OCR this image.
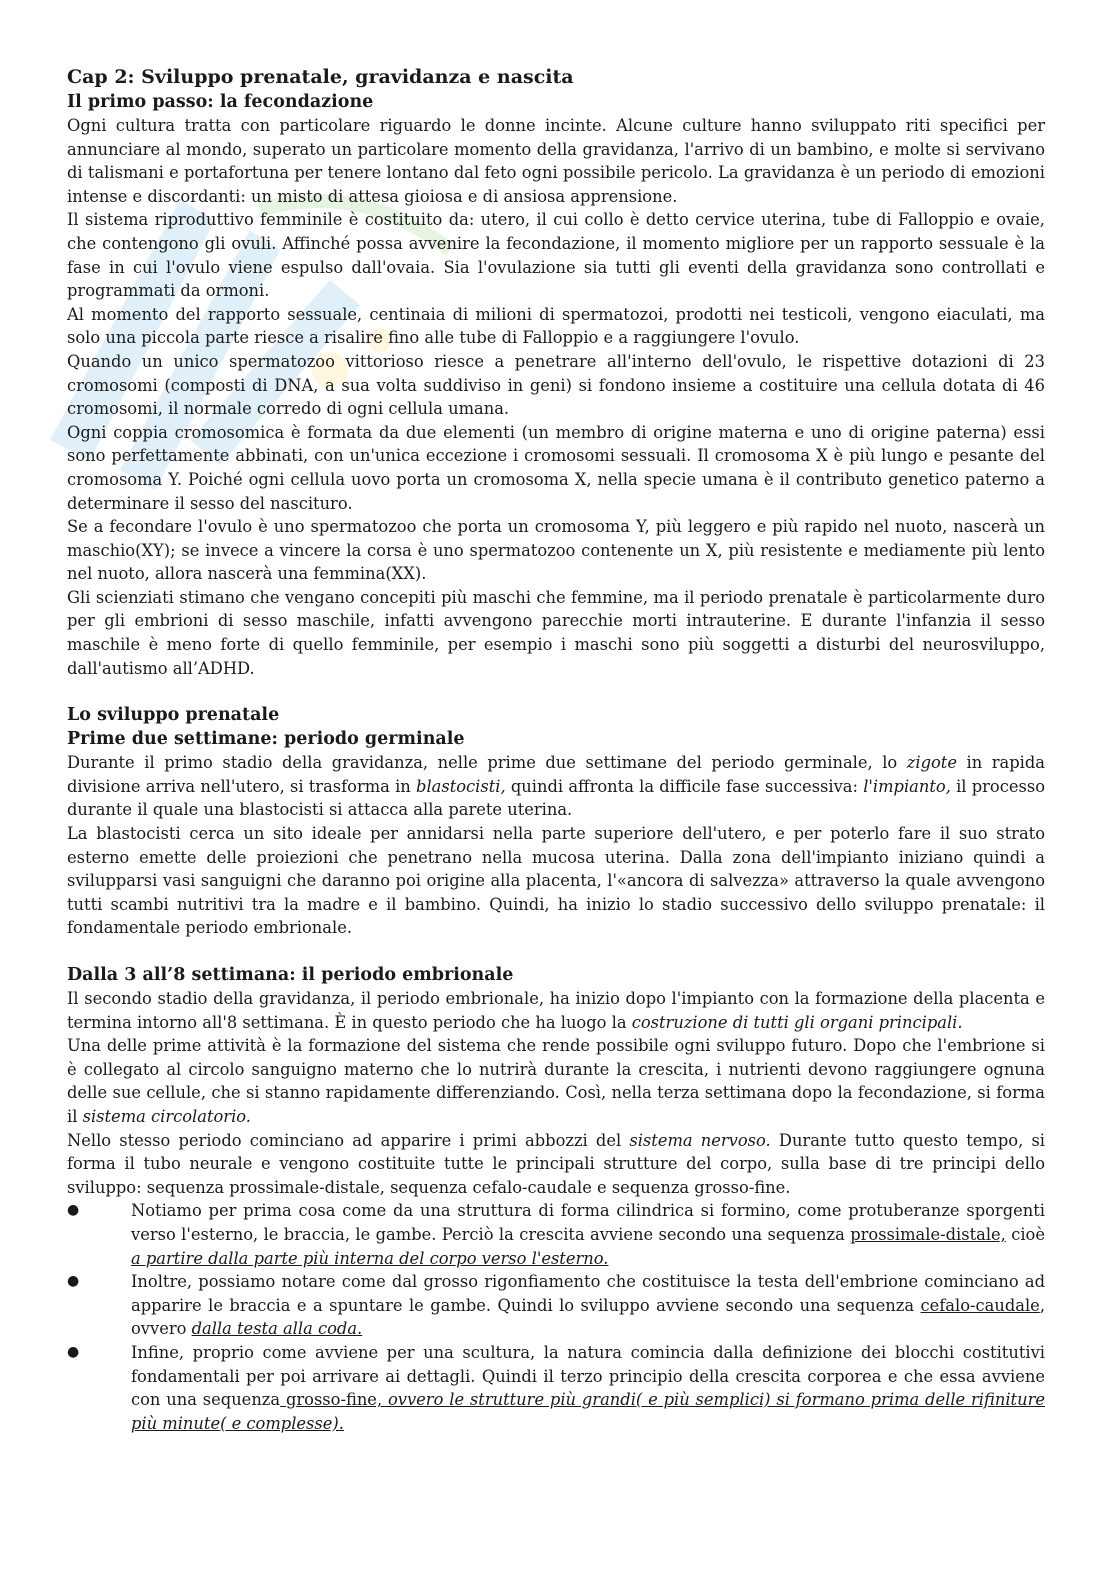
Cap 2: Sviluppo prenatale, gravidanza e nascita
Il primo passo: la fecondazione

Ogni cultura tratta con particolare riguardo le donne incinte. Alcune culture hanno sviluppato riti specifici per annunciare al mondo, superato un particolare momento della gravidanza, l'arrivo di un bambino, e molte si servivano di talismani e portafortuna per tenere lontano dal feto ogni possibile pericolo. La gravidanza è un periodo di emozioni intense e discordanti: un misto di attesa gioiosa e di ansiosa apprensione.

Il sistema riproduttivo femminile è costituito da: utero, il cui collo è detto cervice uterina, tube di Falloppio e ovaie, che contengono gli ovuli. Affinché possa avvenire la fecondazione, il momento migliore per un rapporto sessuale è la fase in cui l'ovulo viene espulso dall'ovaia. Sia l'ovulazione sia tutti gli eventi della gravidanza sono controllati e programmati da ormoni.

Al momento del rapporto sessuale, centinaia di milioni di spermatozoi, prodotti nei testicoli, vengono eiaculati, ma solo una piccola parte riesce a risalire fino alle tube di Falloppio e a raggiungere l'ovulo.

Quando un unico spermatozoo vittorioso riesce a penetrare all'interno dell'ovulo, le rispettive dotazioni di 23 cromosomi (composti di DNA, a sua volta suddiviso in geni) si fondono insieme a costituire una cellula dotata di 46 cromosomi, il normale corredo di ogni cellula umana.

Ogni coppia cromosomica è formata da due elementi (un membro di origine materna e uno di origine paterna) essi sono perfettamente abbinati, con un'unica eccezione i cromosomi sessuali. Il cromosoma X è più lungo e pesante del cromosoma Y. Poiché ogni cellula uovo porta un cromosoma X, nella specie umana è il contributo genetico paterno a determinare il sesso del nascituro.

Se a fecondare l'ovulo è uno spermatozoo che porta un cromosoma Y, più leggero e più rapido nel nuoto, nascerà un maschio(XY); se invece a vincere la corsa è uno spermatozoo contenente un X, più resistente e mediamente più lento nel nuoto, allora nascerà una femmina(XX).

Gli scienziati stimano che vengano concepiti più maschi che femmine, ma il periodo prenatale è particolarmente duro per gli embrioni di sesso maschile, infatti avvengono parecchie morti intrauterine. E durante l'infanzia il sesso maschile è meno forte di quello femminile, per esempio i maschi sono più soggetti a disturbi del neurosviluppo, dall'autismo all’ADHD.

Lo sviluppo prenatale
Prime due settimane: periodo germinale

Durante il primo stadio della gravidanza, nelle prime due settimane del periodo germinale, lo zigote in rapida divisione arriva nell'utero, si trasforma in blastocisti, quindi affronta la difficile fase successiva: l'impianto, il processo durante il quale una blastocisti si attacca alla parete uterina.

La blastocisti cerca un sito ideale per annidarsi nella parte superiore dell'utero, e per poterlo fare il suo strato esterno emette delle proiezioni che penetrano nella mucosa uterina. Dalla zona dell'impianto iniziano quindi a svilupparsi vasi sanguigni che daranno poi origine alla placenta, l'«ancora di salvezza» attraverso la quale avvengono tutti scambi nutritivi tra la madre e il bambino. Quindi, ha inizio lo stadio successivo dello sviluppo prenatale: il fondamentale periodo embrionale.

Dalla 3 all’8 settimana: il periodo embrionale

Il secondo stadio della gravidanza, il periodo embrionale, ha inizio dopo l'impianto con la formazione della placenta e termina intorno all'8 settimana. È in questo periodo che ha luogo la costruzione di tutti gli organi principali.

Una delle prime attività è la formazione del sistema che rende possibile ogni sviluppo futuro. Dopo che l'embrione si è collegato al circolo sanguigno materno che lo nutrirà durante la crescita, i nutrienti devono raggiungere ognuna delle sue cellule, che si stanno rapidamente differenziando. Così, nella terza settimana dopo la fecondazione, si forma il sistema circolatorio.

Nello stesso periodo cominciano ad apparire i primi abbozzi del sistema nervoso. Durante tutto questo tempo, si forma il tubo neurale e vengono costituite tutte le principali strutture del corpo, sulla base di tre principi dello sviluppo: sequenza prossimale-distale, sequenza cefalo-caudale e sequenza grosso-fine.

●	Notiamo per prima cosa come da una struttura di forma cilindrica si formino, come protuberanze sporgenti verso l'esterno, le braccia, le gambe. Perciò la crescita avviene secondo una sequenza prossimale-distale, cioè a partire dalla parte più interna del corpo verso l'esterno.

●	Inoltre, possiamo notare come dal grosso rigonfiamento che costituisce la testa dell'embrione cominciano ad apparire le braccia e a spuntare le gambe. Quindi lo sviluppo avviene secondo una sequenza cefalo-caudale, ovvero dalla testa alla coda.

●	Infine, proprio come avviene per una scultura, la natura comincia dalla definizione dei blocchi costitutivi fondamentali per poi arrivare ai dettagli. Quindi il terzo principio della crescita corporea e che essa avviene con una sequenza grosso-fine, ovvero le strutture più grandi( e più semplici) si formano prima delle rifiniture più minute( e complesse).
